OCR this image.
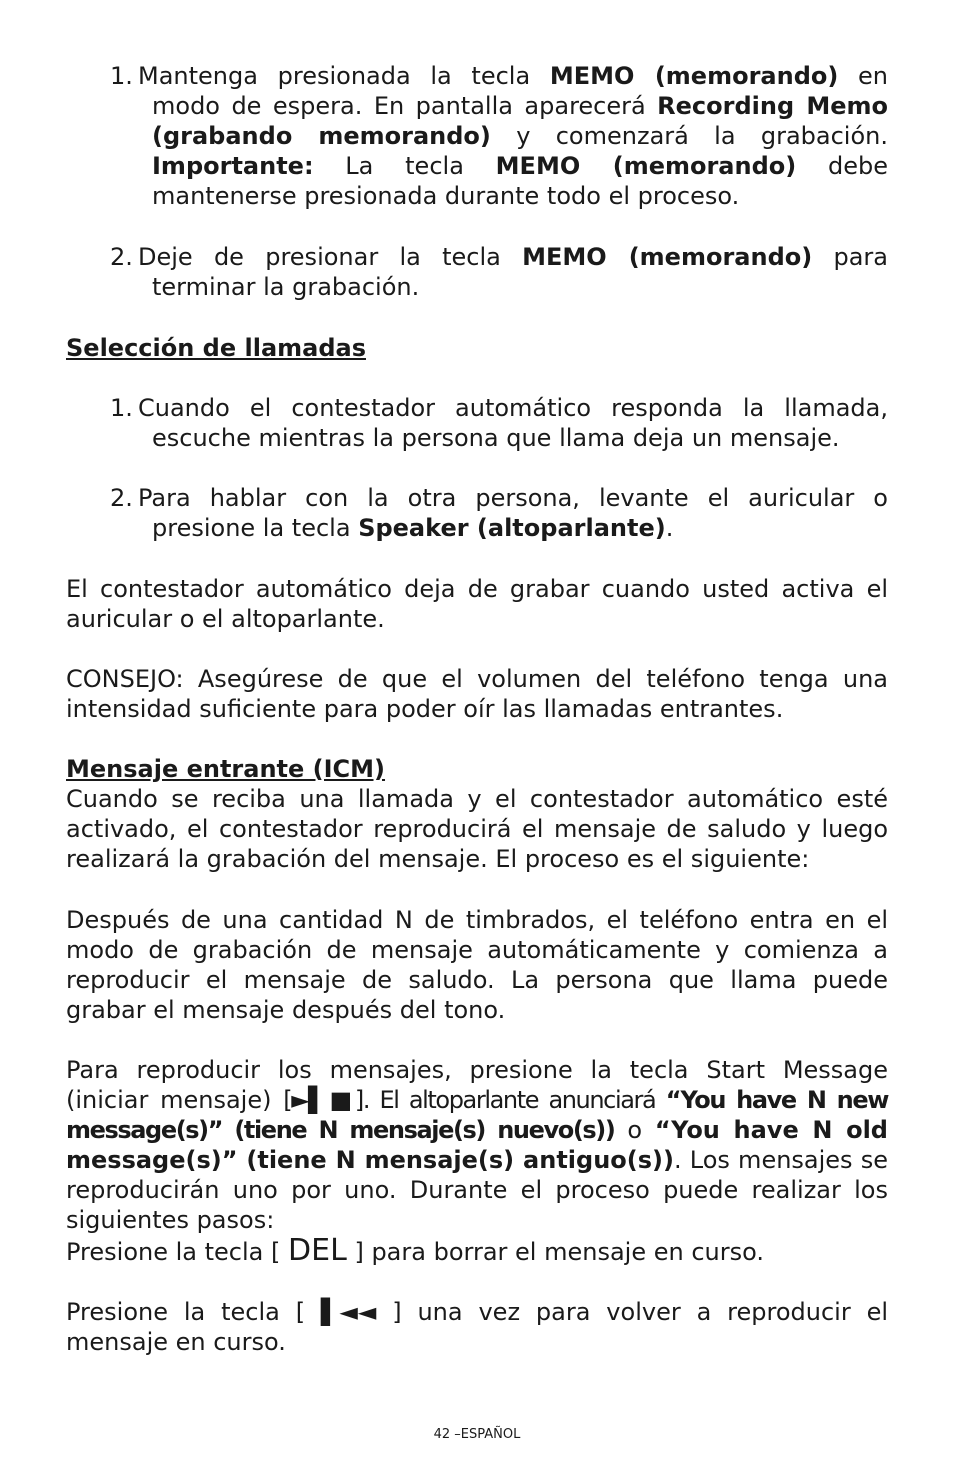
1. Mantenga presionada la tecla MEMO (memorando) en modo de espera. En pantalla aparecerá Recording Memo (grabando memorando) y comenzará la grabación. Importante: La tecla MEMO (memorando) debe mantenerse presionada durante todo el proceso.

2. Deje de presionar la tecla MEMO (memorando) para terminar la grabación.

Selección de llamadas

1. Cuando el contestador automático responda la llamada, escuche mientras la persona que llama deja un mensaje.

2. Para hablar con la otra persona, levante el auricular o presione la tecla Speaker (altoparlante).

El contestador automático deja de grabar cuando usted activa el auricular o el altoparlante.

CONSEJO: Asegúrese de que el volumen del teléfono tenga una intensidad suficiente para poder oír las llamadas entrantes.

Mensaje entrante (ICM)

Cuando se reciba una llamada y el contestador automático esté activado, el contestador reproducirá el mensaje de saludo y luego realizará la grabación del mensaje. El proceso es el siguiente:

Después de una cantidad N de timbrados, el teléfono entra en el modo de grabación de mensaje automáticamente y comienza a reproducir el mensaje de saludo. La persona que llama puede grabar el mensaje después del tono.

Para reproducir los mensajes, presione la tecla Start Message (iniciar mensaje) [►▌■]. El altoparlante anunciará “You have N new message(s)” (tiene N mensaje(s) nuevo(s)) o “You have N old message(s)” (tiene N mensaje(s) antiguo(s)). Los mensajes se reproducirán uno por uno. Durante el proceso puede realizar los siguientes pasos:

Presione la tecla [ DEL ] para borrar el mensaje en curso.

Presione la tecla [ ▌◄◄ ] una vez para volver a reproducir el mensaje en curso.

42 –ESPAÑOL
